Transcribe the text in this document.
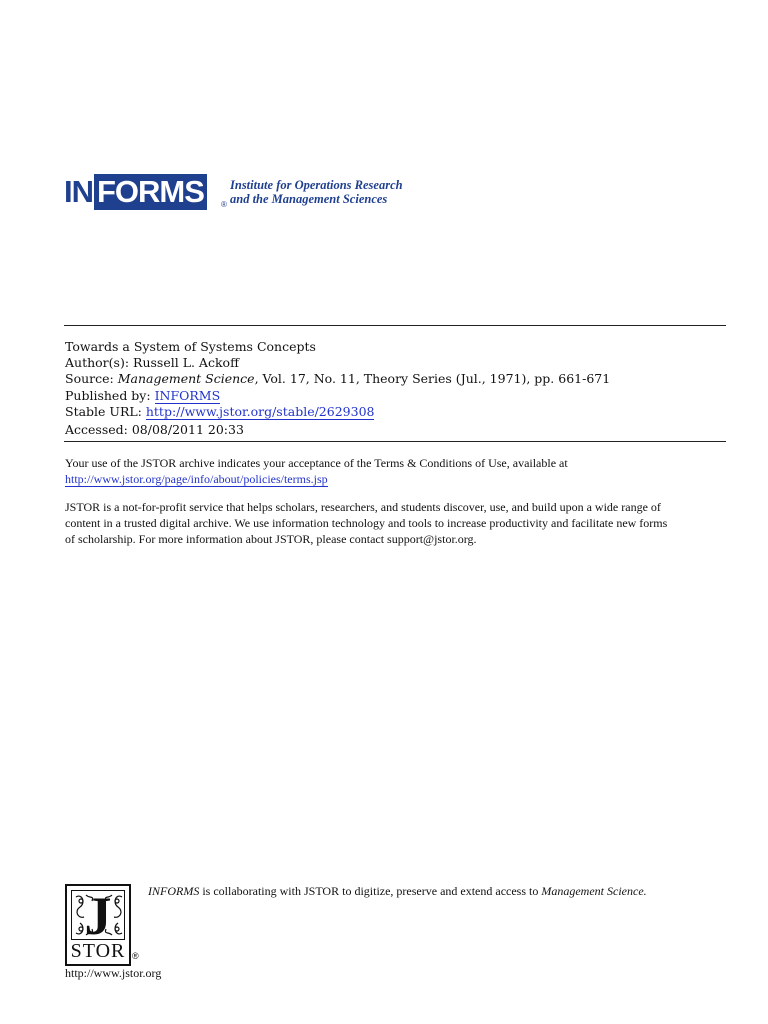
IN FORMS	®
Institute for Operations Research
and the Management Sciences
Towards a System of Systems Concepts
Author(s): Russell L. Ackoff
Source: Management Science, Vol. 17, No. 11, Theory Series (Jul., 1971), pp. 661-671
Published by: INFORMS
Stable URL: http://www.jstor.org/stable/2629308
Accessed: 08/08/2011 20:33
Your use of the JSTOR archive indicates your acceptance of the Terms & Conditions of Use, available at
http://www.jstor.org/page/info/about/policies/terms.jsp
JSTOR is a not-for-profit service that helps scholars, researchers, and students discover, use, and build upon a wide range of
content in a trusted digital archive. We use information technology and tools to increase productivity and facilitate new forms
of scholarship. For more information about JSTOR, please contact support@jstor.org.
J
STOR ®
http://www.jstor.org
INFORMS is collaborating with JSTOR to digitize, preserve and extend access to Management Science.
